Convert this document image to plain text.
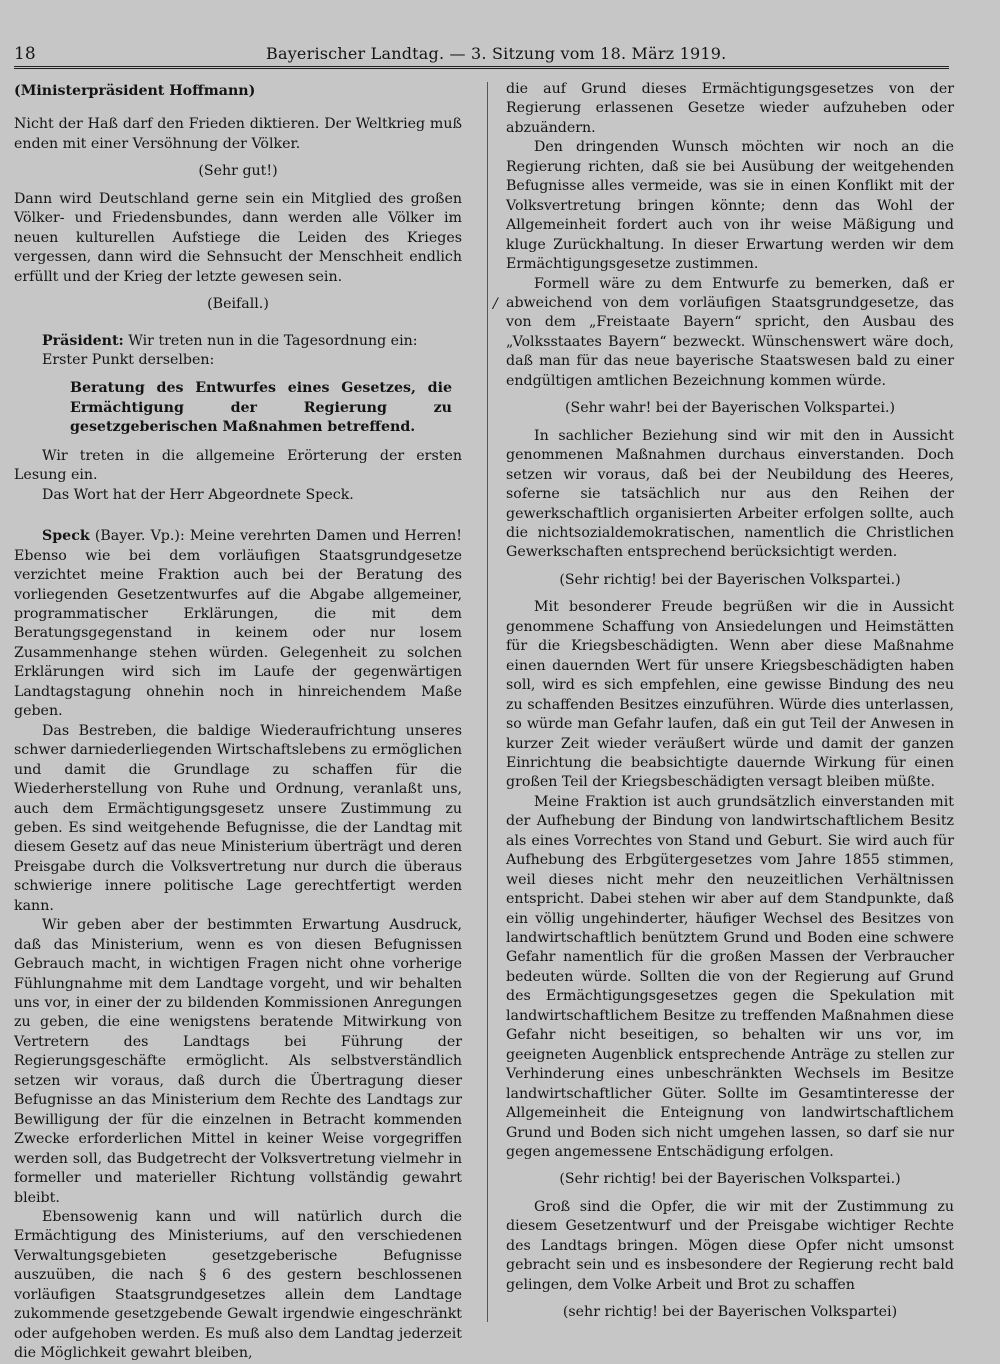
18	Bayerischer Landtag. — 3. Sitzung vom 18. März 1919.
/

(Ministerpräsident Hoffmann)

Nicht der Haß darf den Frieden diktieren. Der Weltkrieg muß enden mit einer Versöhnung der Völker.

(Sehr gut!)

Dann wird Deutschland gerne sein ein Mitglied des großen Völker- und Friedensbundes, dann werden alle Völker im neuen kulturellen Aufstiege die Leiden des Krieges vergessen, dann wird die Sehnsucht der Menschheit endlich erfüllt und der Krieg der letzte gewesen sein.

(Beifall.)

Präsident: Wir treten nun in die Tagesordnung ein:

Erster Punkt derselben:

Beratung des Entwurfes eines Gesetzes, die Ermächtigung der Regierung zu gesetzgeberischen Maßnahmen betreffend.

Wir treten in die allgemeine Erörterung der ersten Lesung ein.

Das Wort hat der Herr Abgeordnete Speck.

Speck (Bayer. Vp.): Meine verehrten Damen und Herren! Ebenso wie bei dem vorläufigen Staatsgrundgesetze verzichtet meine Fraktion auch bei der Beratung des vorliegenden Gesetzentwurfes auf die Abgabe allgemeiner, programmatischer Erklärungen, die mit dem Beratungsgegenstand in keinem oder nur losem Zusammenhange stehen würden. Gelegenheit zu solchen Erklärungen wird sich im Laufe der gegenwärtigen Landtagstagung ohnehin noch in hinreichendem Maße geben.

Das Bestreben, die baldige Wiederaufrichtung unseres schwer darniederliegenden Wirtschaftslebens zu ermöglichen und damit die Grundlage zu schaffen für die Wiederherstellung von Ruhe und Ordnung, veranlaßt uns, auch dem Ermächtigungsgesetz unsere Zustimmung zu geben. Es sind weitgehende Befugnisse, die der Landtag mit diesem Gesetz auf das neue Ministerium überträgt und deren Preisgabe durch die Volksvertretung nur durch die überaus schwierige innere politische Lage gerechtfertigt werden kann.

Wir geben aber der bestimmten Erwartung Ausdruck, daß das Ministerium, wenn es von diesen Befugnissen Gebrauch macht, in wichtigen Fragen nicht ohne vorherige Fühlungnahme mit dem Landtage vorgeht, und wir behalten uns vor, in einer der zu bildenden Kommissionen Anregungen zu geben, die eine wenigstens beratende Mitwirkung von Vertretern des Landtags bei Führung der Regierungsgeschäfte ermöglicht. Als selbstverständlich setzen wir voraus, daß durch die Übertragung dieser Befugnisse an das Ministerium dem Rechte des Landtags zur Bewilligung der für die einzelnen in Betracht kommenden Zwecke erforderlichen Mittel in keiner Weise vorgegriffen werden soll, das Budgetrecht der Volksvertretung vielmehr in formeller und materieller Richtung vollständig gewahrt bleibt.

Ebensowenig kann und will natürlich durch die Ermächtigung des Ministeriums, auf den verschiedenen Verwaltungsgebieten gesetzgeberische Befugnisse auszuüben, die nach § 6 des gestern beschlossenen vorläufigen Staatsgrundgesetzes allein dem Landtage zukommende gesetzgebende Gewalt irgendwie eingeschränkt oder aufgehoben werden. Es muß also dem Landtag jederzeit die Möglichkeit gewahrt bleiben,

die auf Grund dieses Ermächtigungsgesetzes von der Regierung erlassenen Gesetze wieder aufzuheben oder abzuändern.

Den dringenden Wunsch möchten wir noch an die Regierung richten, daß sie bei Ausübung der weitgehenden Befugnisse alles vermeide, was sie in einen Konflikt mit der Volksvertretung bringen könnte; denn das Wohl der Allgemeinheit fordert auch von ihr weise Mäßigung und kluge Zurückhaltung. In dieser Erwartung werden wir dem Ermächtigungsgesetze zustimmen.

Formell wäre zu dem Entwurfe zu bemerken, daß er abweichend von dem vorläufigen Staatsgrundgesetze, das von dem „Freistaate Bayern“ spricht, den Ausbau des „Volksstaates Bayern“ bezweckt. Wünschenswert wäre doch, daß man für das neue bayerische Staatswesen bald zu einer endgültigen amtlichen Bezeichnung kommen würde.

(Sehr wahr! bei der Bayerischen Volkspartei.)

In sachlicher Beziehung sind wir mit den in Aussicht genommenen Maßnahmen durchaus einverstanden. Doch setzen wir voraus, daß bei der Neubildung des Heeres, soferne sie tatsächlich nur aus den Reihen der gewerkschaftlich organisierten Arbeiter erfolgen sollte, auch die nichtsozialdemokratischen, namentlich die Christlichen Gewerkschaften entsprechend berücksichtigt werden.

(Sehr richtig! bei der Bayerischen Volkspartei.)

Mit besonderer Freude begrüßen wir die in Aussicht genommene Schaffung von Ansiedelungen und Heimstätten für die Kriegsbeschädigten. Wenn aber diese Maßnahme einen dauernden Wert für unsere Kriegsbeschädigten haben soll, wird es sich empfehlen, eine gewisse Bindung des neu zu schaffenden Besitzes einzuführen. Würde dies unterlassen, so würde man Gefahr laufen, daß ein gut Teil der Anwesen in kurzer Zeit wieder veräußert würde und damit der ganzen Einrichtung die beabsichtigte dauernde Wirkung für einen großen Teil der Kriegsbeschädigten versagt bleiben müßte.

Meine Fraktion ist auch grundsätzlich einverstanden mit der Aufhebung der Bindung von landwirtschaftlichem Besitz als eines Vorrechtes von Stand und Geburt. Sie wird auch für Aufhebung des Erbgütergesetzes vom Jahre 1855 stimmen, weil dieses nicht mehr den neuzeitlichen Verhältnissen entspricht. Dabei stehen wir aber auf dem Standpunkte, daß ein völlig ungehinderter, häufiger Wechsel des Besitzes von landwirtschaftlich benütztem Grund und Boden eine schwere Gefahr namentlich für die großen Massen der Verbraucher bedeuten würde. Sollten die von der Regierung auf Grund des Ermächtigungsgesetzes gegen die Spekulation mit landwirtschaftlichem Besitze zu treffenden Maßnahmen diese Gefahr nicht beseitigen, so behalten wir uns vor, im geeigneten Augenblick entsprechende Anträge zu stellen zur Verhinderung eines unbeschränkten Wechsels im Besitze landwirtschaftlicher Güter. Sollte im Gesamtinteresse der Allgemeinheit die Enteignung von landwirtschaftlichem Grund und Boden sich nicht umgehen lassen, so darf sie nur gegen angemessene Entschädigung erfolgen.

(Sehr richtig! bei der Bayerischen Volkspartei.)

Groß sind die Opfer, die wir mit der Zustimmung zu diesem Gesetzentwurf und der Preisgabe wichtiger Rechte des Landtags bringen. Mögen diese Opfer nicht umsonst gebracht sein und es insbesondere der Regierung recht bald gelingen, dem Volke Arbeit und Brot zu schaffen

(sehr richtig! bei der Bayerischen Volkspartei)
